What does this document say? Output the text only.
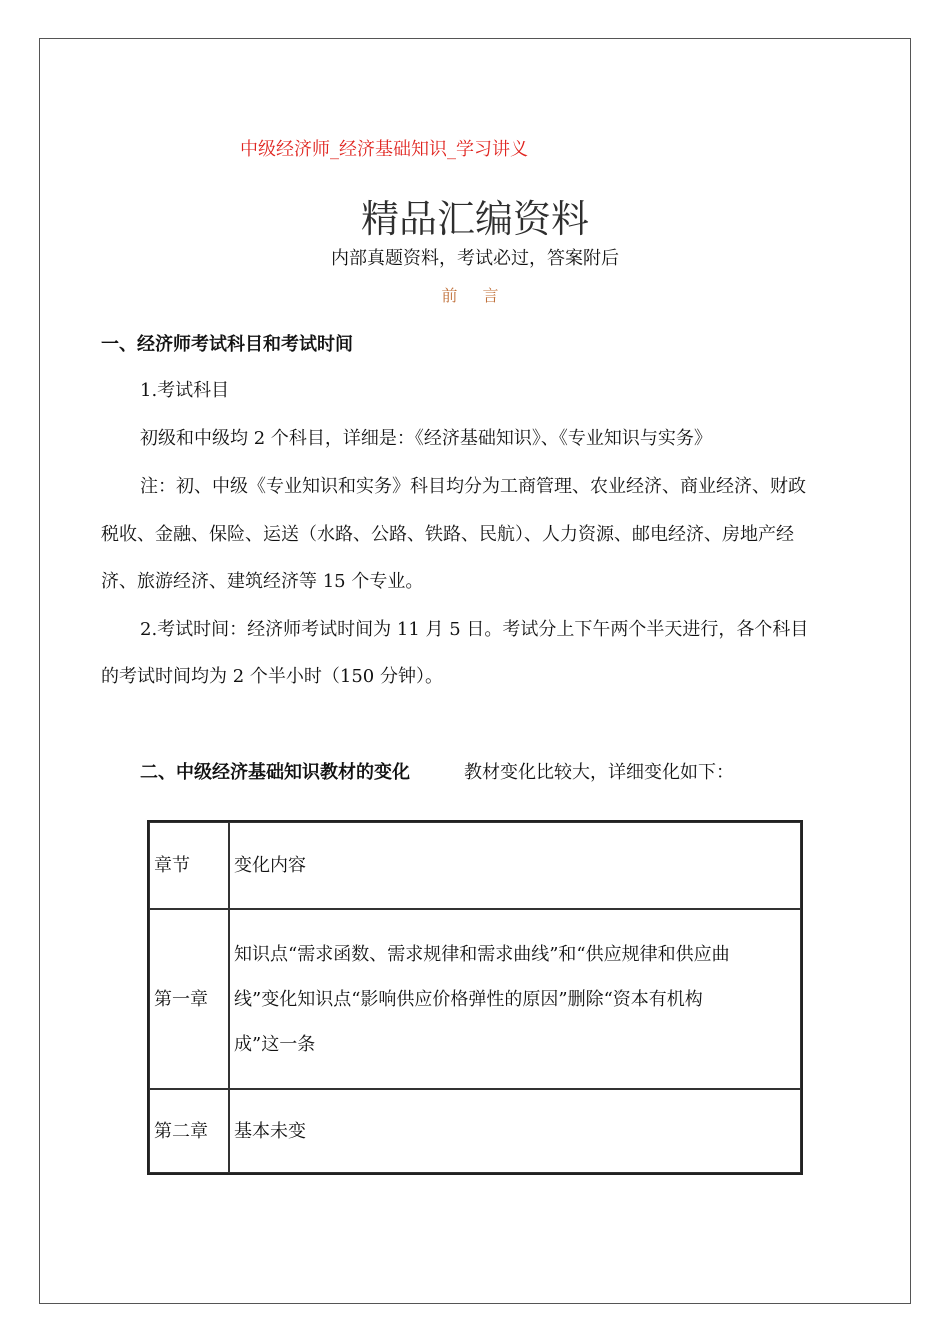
中级经济师_经济基础知识_学习讲义
精品汇编资料
内部真题资料，考试必过，答案附后
前 言
一、经济师考试科目和考试时间
1.考试科目
初级和中级均 2 个科目，详细是：《经济基础知识》、《专业知识与实务》
注：初、中级《专业知识和实务》科目均分为工商管理、农业经济、商业经济、财政
税收、金融、保险、运送（水路、公路、铁路、民航）、人力资源、邮电经济、房地产经
济、旅游经济、建筑经济等 15 个专业。
2.考试时间：经济师考试时间为 11 月 5 日。考试分上下午两个半天进行，各个科目
的考试时间均为 2 个半小时（150 分钟）。
二、中级经济基础知识教材的变化	教材变化比较大，详细变化如下：
章节	变化内容
第一章	知识点“需求函数、需求规律和需求曲线”和“供应规律和供应曲
线”变化知识点“影响供应价格弹性的原因”删除“资本有机构
成”这一条

第二章	基本未变
